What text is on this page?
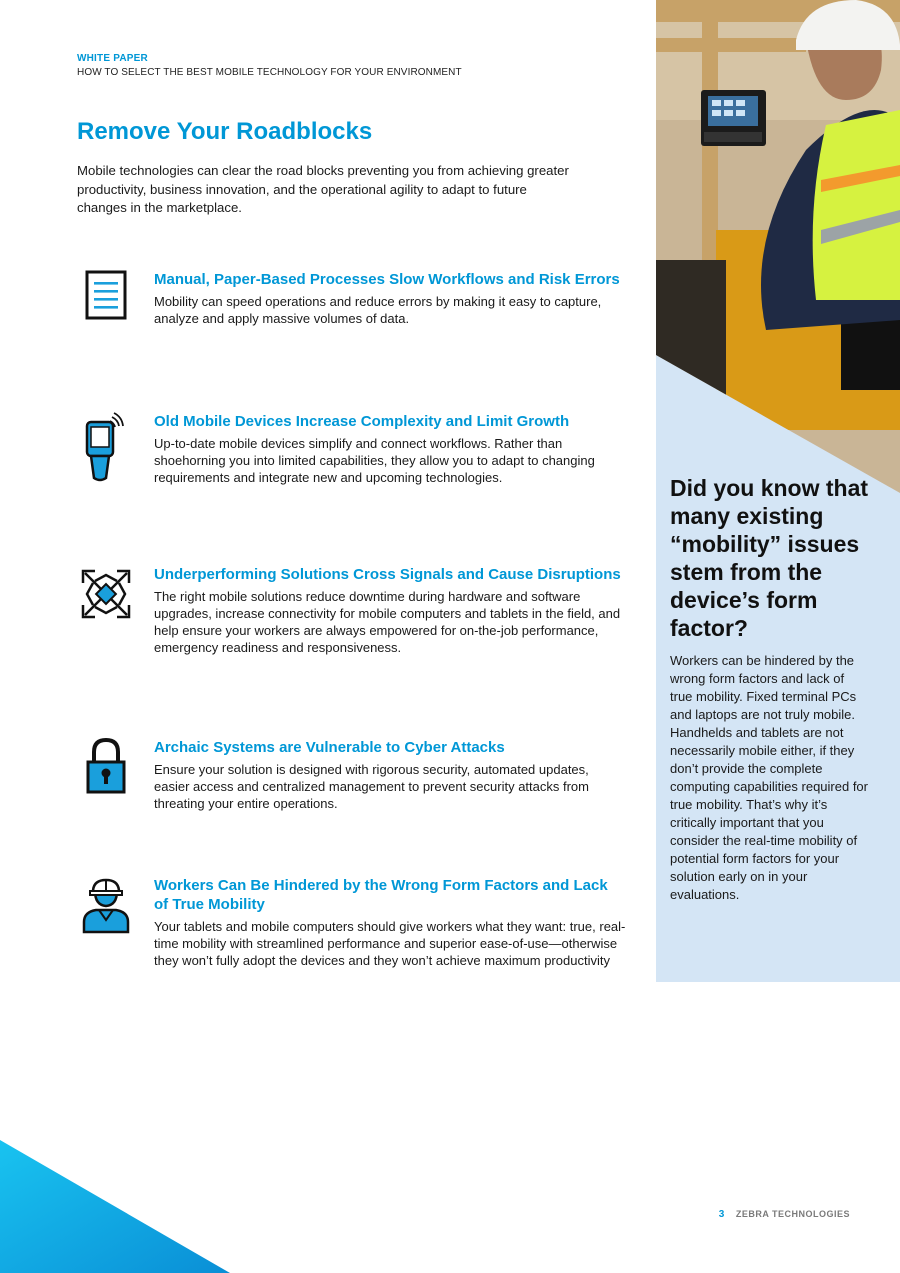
WHITE PAPER
HOW TO SELECT THE BEST MOBILE TECHNOLOGY FOR YOUR ENVIRONMENT
Remove Your Roadblocks

Mobile technologies can clear the road blocks preventing you from achieving greater productivity, business innovation, and the operational agility to adapt to future changes in the marketplace.

Manual, Paper-Based Processes Slow Workflows and Risk Errors

Mobility can speed operations and reduce errors by making it easy to capture, analyze and apply massive volumes of data.

Old Mobile Devices Increase Complexity and Limit Growth

Up-to-date mobile devices simplify and connect workflows. Rather than shoehorning you into limited capabilities, they allow you to adapt to changing requirements and integrate new and upcoming technologies.

Underperforming Solutions Cross Signals and Cause Disruptions

The right mobile solutions reduce downtime during hardware and software upgrades, increase connectivity for mobile computers and tablets in the field, and help ensure your workers are always empowered for on-the-job performance, emergency readiness and responsiveness.

Archaic Systems are Vulnerable to Cyber Attacks

Ensure your solution is designed with rigorous security, automated updates, easier access and centralized management to prevent security attacks from threating your entire operations.

Workers Can Be Hindered by the Wrong Form Factors and Lack of True Mobility

Your tablets and mobile computers should give workers what they want: true, real-time mobility with streamlined performance and superior ease-of-use—otherwise they won’t fully adopt the devices and they won’t achieve maximum productivity

Did you know that many existing “mobility” issues stem from the device’s form factor?

Workers can be hindered by the wrong form factors and lack of true mobility. Fixed terminal PCs and laptops are not truly mobile. Handhelds and tablets are not necessarily mobile either, if they don’t provide the complete computing capabilities required for true mobility. That’s why it’s critically important that you consider the real-time mobility of potential form factors for your solution early on in your evaluations.

3 ZEBRA TECHNOLOGIES
